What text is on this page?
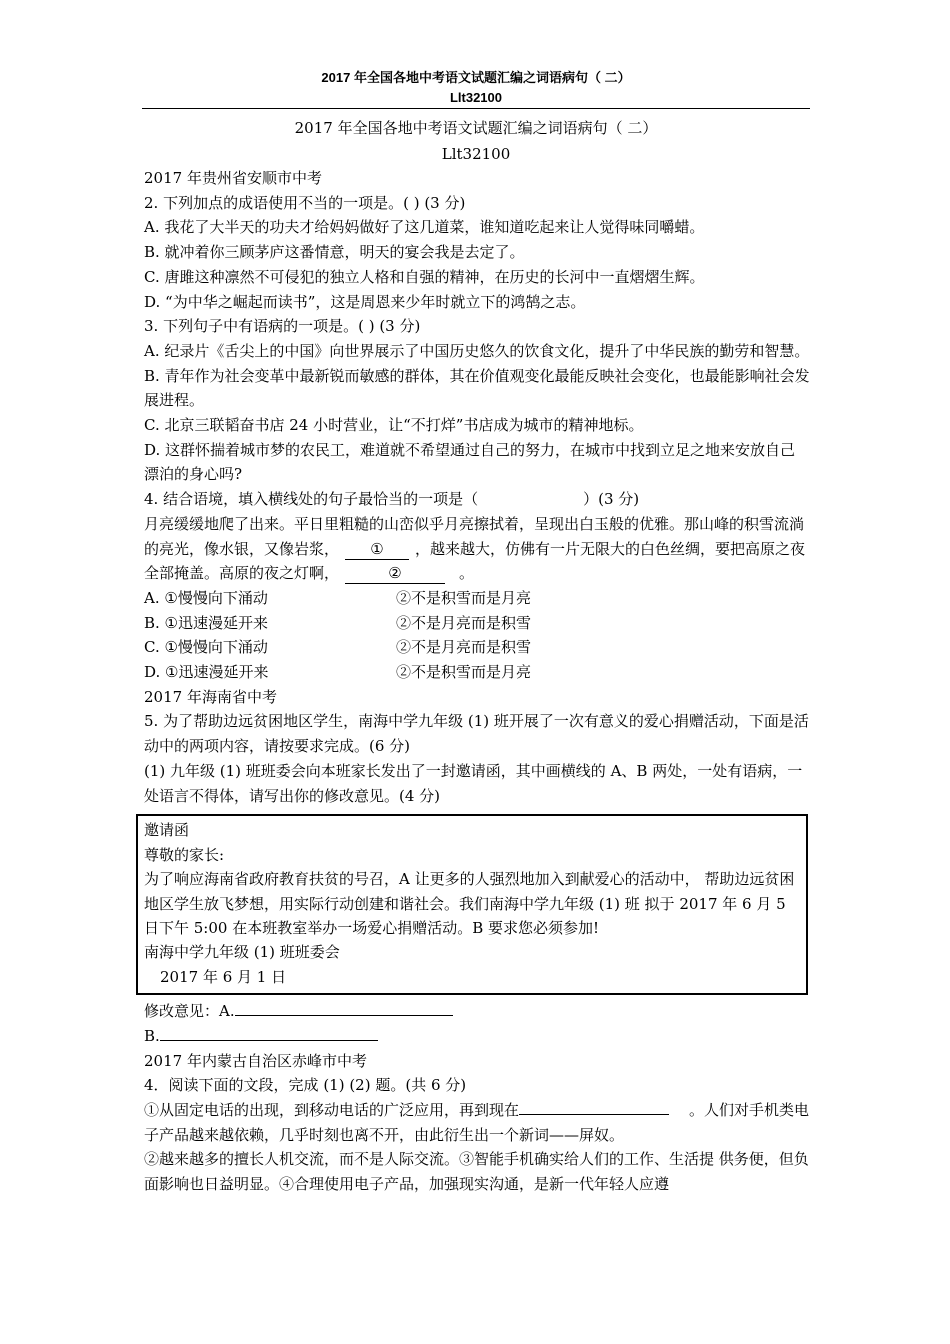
2017 年全国各地中考语文试题汇编之词语病句（ 二）
Llt32100
2017 年全国各地中考语文试题汇编之词语病句（ 二）
Llt32100

2017 年贵州省安顺市中考

2. 下列加点的成语使用不当的一项是。( ) (3 分)

A. 我花了大半天的功夫才给妈妈做好了这几道菜，谁知道吃起来让人觉得味同嚼蜡。

B. 就冲着你三顾茅庐这番情意，明天的宴会我是去定了。

C. 唐雎这种凛然不可侵犯的独立人格和自强的精神，在历史的长河中一直熠熠生辉。

D. “为中华之崛起而读书”，这是周恩来少年时就立下的鸿鹄之志。

3. 下列句子中有语病的一项是。( ) (3 分)

A. 纪录片《舌尖上的中国》向世界展示了中国历史悠久的饮食文化，提升了中华民族的勤劳和智慧。

B. 青年作为社会变革中最新锐而敏感的群体，其在价值观变化最能反映社会变化，也最能影响社会发展进程。

C. 北京三联韬奋书店 24 小时营业，让“不打烊”书店成为城市的精神地标。

D. 这群怀揣着城市梦的农民工，难道就不希望通过自己的努力，在城市中找到立足之地来安放自己漂泊的身心吗?

4. 结合语境，填入横线处的句子最恰当的一项是（	）(3 分)

月亮缓缓地爬了出来。平日里粗糙的山峦似乎月亮擦拭着，呈现出白玉般的优雅。那山峰的积雪流淌的亮光，像水银，又像岩浆， ① ，越来越大，仿佛有一片无限大的白色丝绸，要把高原之夜全部掩盖。高原的夜之灯啊，	②	。

A. ①慢慢向下涌动	②不是积雪而是月亮
B. ①迅速漫延开来	②不是月亮而是积雪
C. ①慢慢向下涌动	②不是月亮而是积雪
D. ①迅速漫延开来	②不是积雪而是月亮

2017 年海南省中考

5. 为了帮助边远贫困地区学生，南海中学九年级 (1) 班开展了一次有意义的爱心捐赠活动，下面是活动中的两项内容，请按要求完成。(6 分)

(1) 九年级 (1) 班班委会向本班家长发出了一封邀请函，其中画横线的 A、B 两处，一处有语病，一处语言不得体，请写出你的修改意见。(4 分)

邀请函

尊敬的家长:

为了响应海南省政府教育扶贫的号召，A 让更多的人强烈地加入到献爱心的活动中， 帮助边远贫困地区学生放飞梦想，用实际行动创建和谐社会。我们南海中学九年级 (1) 班 拟于 2017 年 6 月 5 日下午 5:00 在本班教室举办一场爱心捐赠活动。B 要求您必须参加!

南海中学九年级 (1) 班班委会

2017 年 6 月 1 日

修改意见：A.

B.

2017 年内蒙古自治区赤峰市中考

4．阅读下面的文段，完成 (1) (2) 题。(共 6 分)

①从固定电话的出现，到移动电话的广泛应用，再到现在	。人们对手机类电子产品越来越依赖，几乎时刻也离不开，由此衍生出一个新词——屏奴。

②越来越多的擅长人机交流，而不是人际交流。③智能手机确实给人们的工作、生活提 供务便，但负面影响也日益明显。④合理使用电子产品，加强现实沟通，是新一代年轻人应遵
